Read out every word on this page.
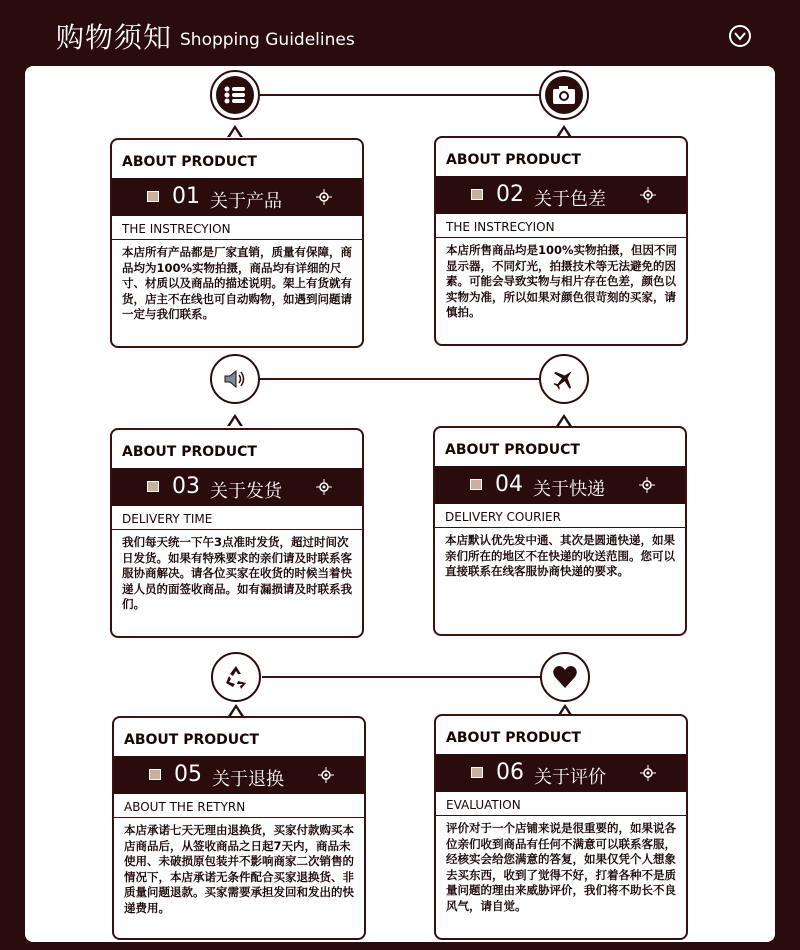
购物须知 Shopping Guidelines
ABOUT PRODUCT
01 关于产品
THE INSTRECYION
本店所有产品都是厂家直销，质量有保障，商品均为100%实物拍摄，商品均有详细的尺寸、材质以及商品的描述说明。架上有货就有货，店主不在线也可自动购物，如遇到问题请一定与我们联系。
ABOUT PRODUCT
02 关于色差
THE INSTRECYION
本店所售商品均是100%实物拍摄，但因不同显示器，不同灯光，拍摄技术等无法避免的因素。可能会导致实物与相片存在色差，颜色以实物为准，所以如果对颜色很苛刻的买家，请慎拍。
ABOUT PRODUCT
03 关于发货
DELIVERY TIME
我们每天统一下午3点准时发货，超过时间次日发货。如果有特殊要求的亲们请及时联系客服协商解决。请各位买家在收货的时候当着快递人员的面签收商品。如有漏损请及时联系我们。
ABOUT PRODUCT
04 关于快递
DELIVERY COURIER
本店默认优先发中通、其次是圆通快递，如果亲们所在的地区不在快递的收送范围。您可以直接联系在线客服协商快递的要求。
ABOUT PRODUCT
05 关于退换
ABOUT THE RETYRN
本店承诺七天无理由退换货，买家付款购买本店商品后，从签收商品之日起7天内，商品未使用、未破损原包装并不影响商家二次销售的情况下，本店承诺无条件配合买家退换货、非质量问题退款。买家需要承担发回和发出的快递费用。
ABOUT PRODUCT
06 关于评价
EVALUATION
评价对于一个店铺来说是很重要的，如果说各位亲们收到商品有任何不满意可以联系客服，经核实会给您满意的答复，如果仅凭个人想象去买东西，收到了觉得不好，打着各种不是质量问题的理由来威胁评价，我们将不助长不良风气，请自觉。
